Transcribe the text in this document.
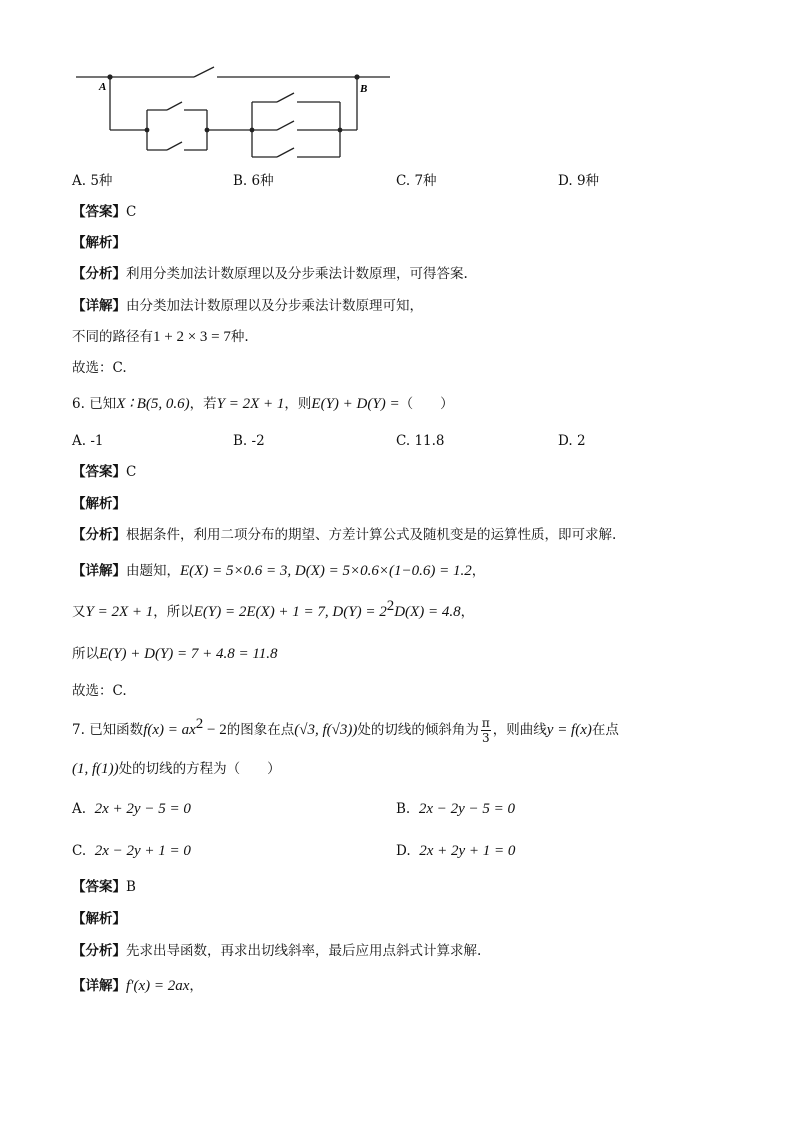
A	B
A. 5种	B. 6种	C. 7种	D. 9种
【答案】C
【解析】
【分析】利用分类加法计数原理以及分步乘法计数原理，可得答案.
【详解】由分类加法计数原理以及分步乘法计数原理可知，
不同的路径有1 + 2 × 3 = 7种.
故选：C.
6. 已知X ∶ B(5, 0.6)，若Y = 2X + 1，则E(Y) + D(Y) =（　　）
A. -1	B. -2	C. 11.8	D. 2
【答案】C
【解析】
【分析】根据条件，利用二项分布的期望、方差计算公式及随机变是的运算性质，即可求解.
【详解】由题知，E(X) = 5×0.6 = 3, D(X) = 5×0.6×(1−0.6) = 1.2，
又Y = 2X + 1，所以E(Y) = 2E(X) + 1 = 7, $D(Y) = 2^2D(X) = 4.8$，
所以E(Y) + D(Y) = 7 + 4.8 = 11.8
故选：C.
7. 已知函数$f(x) = ax^2 - 2$的图象在点(√3, f(√3))处的切线的倾斜角为 $\frac{\pi}{3}$ ，则曲线y = f(x)在点
(1, f(1))处的切线的方程为（　　）
A. 2x + 2y − 5 = 0	B. 2x − 2y − 5 = 0
C. 2x − 2y + 1 = 0	D. 2x + 2y + 1 = 0
【答案】B
【解析】
【分析】先求出导函数，再求出切线斜率，最后应用点斜式计算求解.
【详解】f′(x) = 2ax，
